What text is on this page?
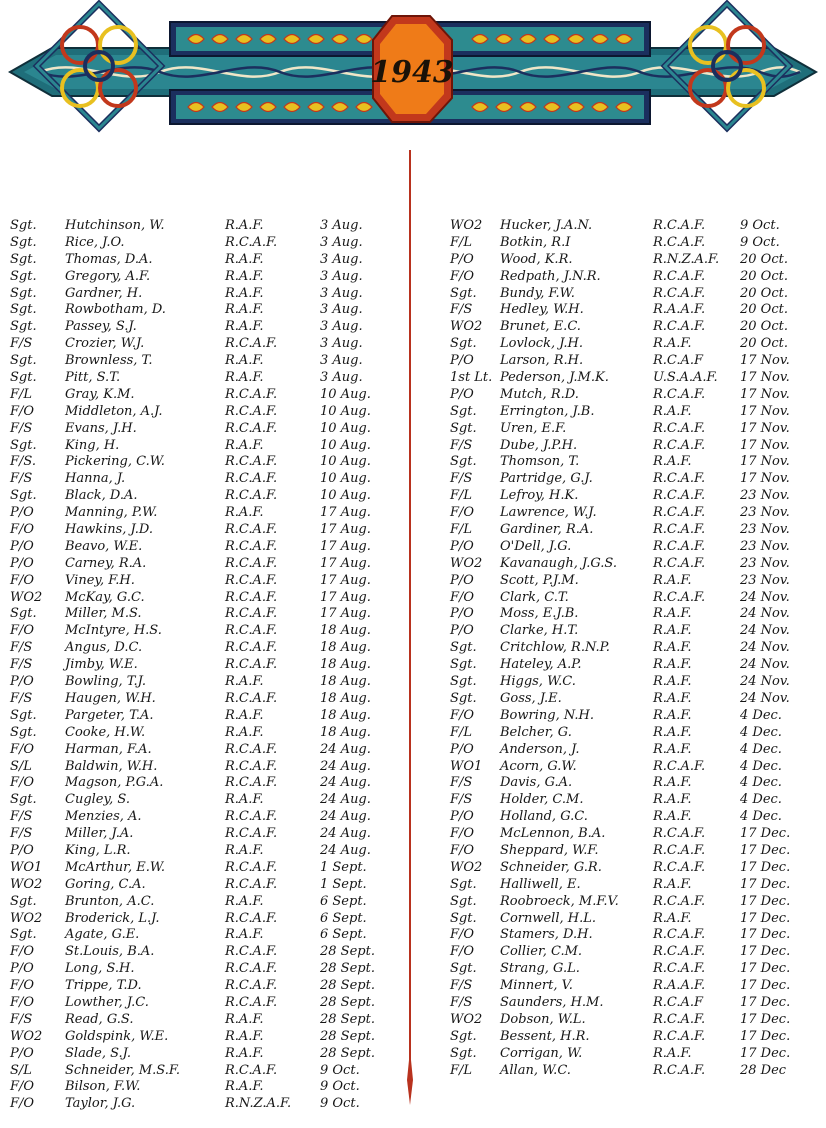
1943
Sgt. Hutchinson, W.	R.A.F.	3 Aug.
Sgt. Rice, J.O.	R.C.A.F.	3 Aug.
Sgt. Thomas, D.A.	R.A.F.	3 Aug.
Sgt. Gregory, A.F.	R.A.F.	3 Aug.
Sgt. Gardner, H.	R.A.F.	3 Aug.
Sgt. Rowbotham, D.	R.A.F.	3 Aug.
Sgt. Passey, S.J.	R.A.F.	3 Aug.
F/S	Crozier, W.J.	R.C.A.F.	3 Aug.
Sgt. Brownless, T.	R.A.F.	3 Aug.
Sgt. Pitt, S.T.	R.A.F.	3 Aug.
F/L	Gray, K.M.	R.C.A.F.	10 Aug.
F/O Middleton, A.J.	R.C.A.F.	10 Aug.
F/S	Evans, J.H.	R.C.A.F.	10 Aug.
Sgt. King, H.	R.A.F.	10 Aug.
F/S. Pickering, C.W.	R.C.A.F.	10 Aug.
F/S	Hanna, J.	R.C.A.F.	10 Aug.
Sgt. Black, D.A.	R.C.A.F.	10 Aug.
P/O Manning, P.W.	R.A.F.	17 Aug.
F/O Hawkins, J.D.	R.C.A.F.	17 Aug.
P/O Beavo, W.E.	R.C.A.F.	17 Aug.
P/O Carney, R.A.	R.C.A.F.	17 Aug.
F/O Viney, F.H.	R.C.A.F.	17 Aug.
WO2 McKay, G.C.	R.C.A.F.	17 Aug.
Sgt. Miller, M.S.	R.C.A.F.	17 Aug.
F/O McIntyre, H.S.	R.C.A.F.	18 Aug.
F/S	Angus, D.C.	R.C.A.F.	18 Aug.
F/S	Jimby, W.E.	R.C.A.F.	18 Aug.
P/O Bowling, T.J.	R.A.F.	18 Aug.
F/S	Haugen, W.H.	R.C.A.F.	18 Aug.
Sgt. Pargeter, T.A.	R.A.F.	18 Aug.
Sgt. Cooke, H.W.	R.A.F.	18 Aug.
F/O Harman, F.A.	R.C.A.F.	24 Aug.
S/L	Baldwin, W.H.	R.C.A.F.	24 Aug.
F/O Magson, P.G.A.	R.C.A.F.	24 Aug.
Sgt. Cugley, S.	R.A.F.	24 Aug.
F/S	Menzies, A.	R.C.A.F.	24 Aug.
F/S	Miller, J.A.	R.C.A.F.	24 Aug.
P/O King, L.R.	R.A.F.	24 Aug.
WO1 McArthur, E.W.	R.C.A.F.	1 Sept.
WO2 Goring, C.A.	R.C.A.F.	1 Sept.
Sgt. Brunton, A.C.	R.A.F.	6 Sept.
WO2 Broderick, L.J.	R.C.A.F.	6 Sept.
Sgt. Agate, G.E.	R.A.F.	6 Sept.
F/O St.Louis, B.A.	R.C.A.F.	28 Sept.
P/O Long, S.H.	R.C.A.F.	28 Sept.
F/O Trippe, T.D.	R.C.A.F.	28 Sept.
F/O Lowther, J.C.	R.C.A.F.	28 Sept.
F/S	Read, G.S.	R.A.F.	28 Sept.
WO2 Goldspink, W.E.	R.A.F.	28 Sept.
P/O Slade, S.J.	R.A.F.	28 Sept.
S/L	Schneider, M.S.F.	R.C.A.F.	9 Oct.
F/O Bilson, F.W.	R.A.F.	9 Oct.
F/O Taylor, J.G.	R.N.Z.A.F. 9 Oct.
WO2 Hucker, J.A.N.	R.C.A.F.	9 Oct.
F/L Botkin, R.I	R.C.A.F.	9 Oct.
P/O Wood, K.R.	R.N.Z.A.F. 20 Oct.
F/O Redpath, J.N.R.	R.C.A.F.	20 Oct.
Sgt. Bundy, F.W.	R.C.A.F.	20 Oct.
F/S Hedley, W.H.	R.A.A.F.	20 Oct.
WO2 Brunet, E.C.	R.C.A.F.	20 Oct.
Sgt. Lovlock, J.H.	R.A.F.	20 Oct.
P/O Larson, R.H.	R.C.A.F	17 Nov.
1st Lt. Pederson, J.M.K.	U.S.A.A.F. 17 Nov.
P/O Mutch, R.D.	R.C.A.F.	17 Nov.
Sgt. Errington, J.B.	R.A.F.	17 Nov.
Sgt. Uren, E.F.	R.C.A.F.	17 Nov.
F/S Dube, J.P.H.	R.C.A.F.	17 Nov.
Sgt. Thomson, T.	R.A.F.	17 Nov.
F/S Partridge, G.J.	R.C.A.F.	17 Nov.
F/L Lefroy, H.K.	R.C.A.F.	23 Nov.
F/O Lawrence, W.J.	R.C.A.F.	23 Nov.
F/L Gardiner, R.A.	R.C.A.F.	23 Nov.
P/O O'Dell, J.G.	R.C.A.F.	23 Nov.
WO2 Kavanaugh, J.G.S.	R.C.A.F.	23 Nov.
P/O Scott, P.J.M.	R.A.F.	23 Nov.
F/O Clark, C.T.	R.C.A.F.	24 Nov.
P/O Moss, E.J.B.	R.A.F.	24 Nov.
P/O Clarke, H.T.	R.A.F.	24 Nov.
Sgt. Critchlow, R.N.P.	R.A.F.	24 Nov.
Sgt. Hateley, A.P.	R.A.F.	24 Nov.
Sgt. Higgs, W.C.	R.A.F.	24 Nov.
Sgt. Goss, J.E.	R.A.F.	24 Nov.
F/O Bowring, N.H.	R.A.F.	4 Dec.
F/L Belcher, G.	R.A.F.	4 Dec.
P/O Anderson, J.	R.A.F.	4 Dec.
WO1 Acorn, G.W.	R.C.A.F.	4 Dec.
F/S Davis, G.A.	R.A.F.	4 Dec.
F/S Holder, C.M.	R.A.F.	4 Dec.
P/O Holland, G.C.	R.A.F.	4 Dec.
F/O McLennon, B.A.	R.C.A.F.	17 Dec.
F/O Sheppard, W.F.	R.C.A.F.	17 Dec.
WO2 Schneider, G.R.	R.C.A.F.	17 Dec.
Sgt. Halliwell, E.	R.A.F.	17 Dec.
Sgt. Roobroeck, M.F.V.	R.C.A.F.	17 Dec.
Sgt. Cornwell, H.L.	R.A.F.	17 Dec.
F/O Stamers, D.H.	R.C.A.F.	17 Dec.
F/O Collier, C.M.	R.C.A.F.	17 Dec.
Sgt. Strang, G.L.	R.C.A.F.	17 Dec.
F/S Minnert, V.	R.A.A.F.	17 Dec.
F/S Saunders, H.M.	R.C.A.F	17 Dec.
WO2 Dobson, W.L.	R.C.A.F.	17 Dec.
Sgt. Bessent, H.R.	R.C.A.F.	17 Dec.
Sgt. Corrigan, W.	R.A.F.	17 Dec.
F/L Allan, W.C.	R.C.A.F.	28 Dec
